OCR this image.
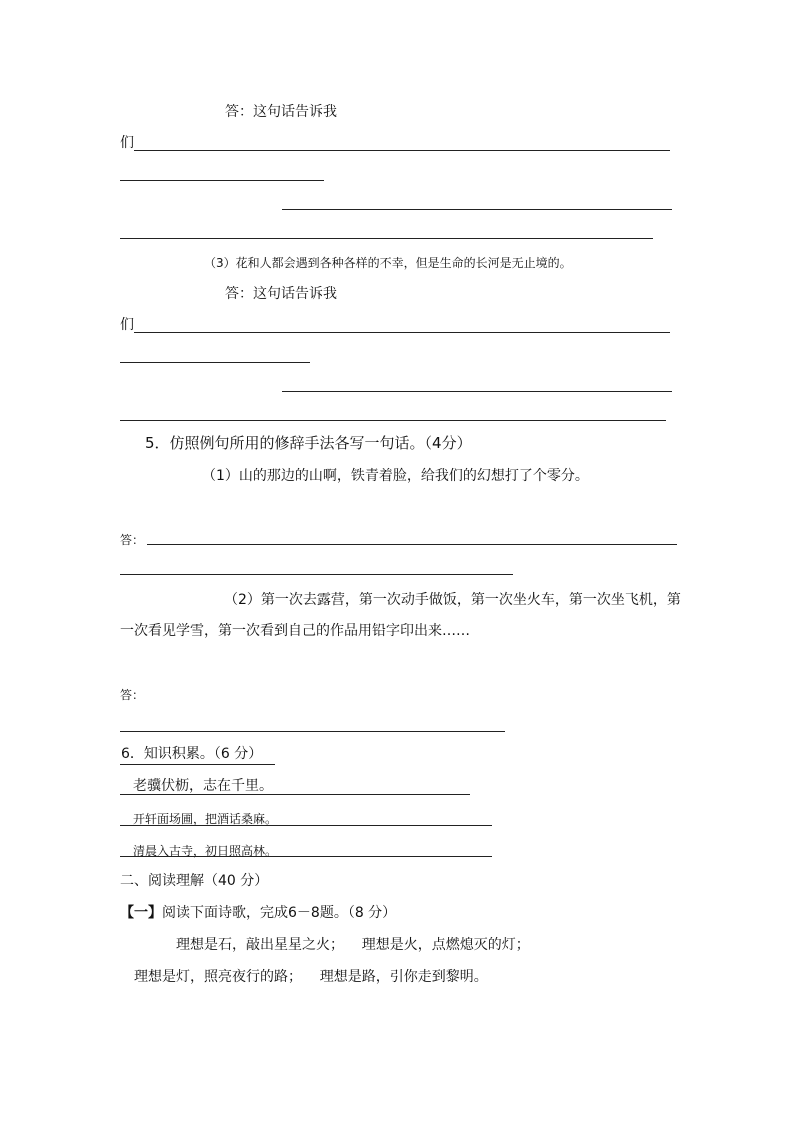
答：这句话告诉我
们
（3）花和人都会遇到各种各样的不幸，但是生命的长河是无止境的。
答：这句话告诉我
们
5．仿照例句所用的修辞手法各写一句话。（4分）
（1）山的那边的山啊，铁青着脸，给我们的幻想打了个零分。
答：
（2）第一次去露营，第一次动手做饭，第一次坐火车，第一次坐飞机，第
一次看见学雪，第一次看到自己的作品用铅字印出来……
答：
6．知识积累。（6 分）
老骥伏枥，志在千里。
开轩面场圃，把酒话桑麻。
清晨入古寺，初日照高林。
二、阅读理解（40 分）
【一】阅读下面诗歌，完成6－8题。（8 分）
理想是石，敲出星星之火；    理想是火，点燃熄灭的灯；
理想是灯，照亮夜行的路；    理想是路，引你走到黎明。
